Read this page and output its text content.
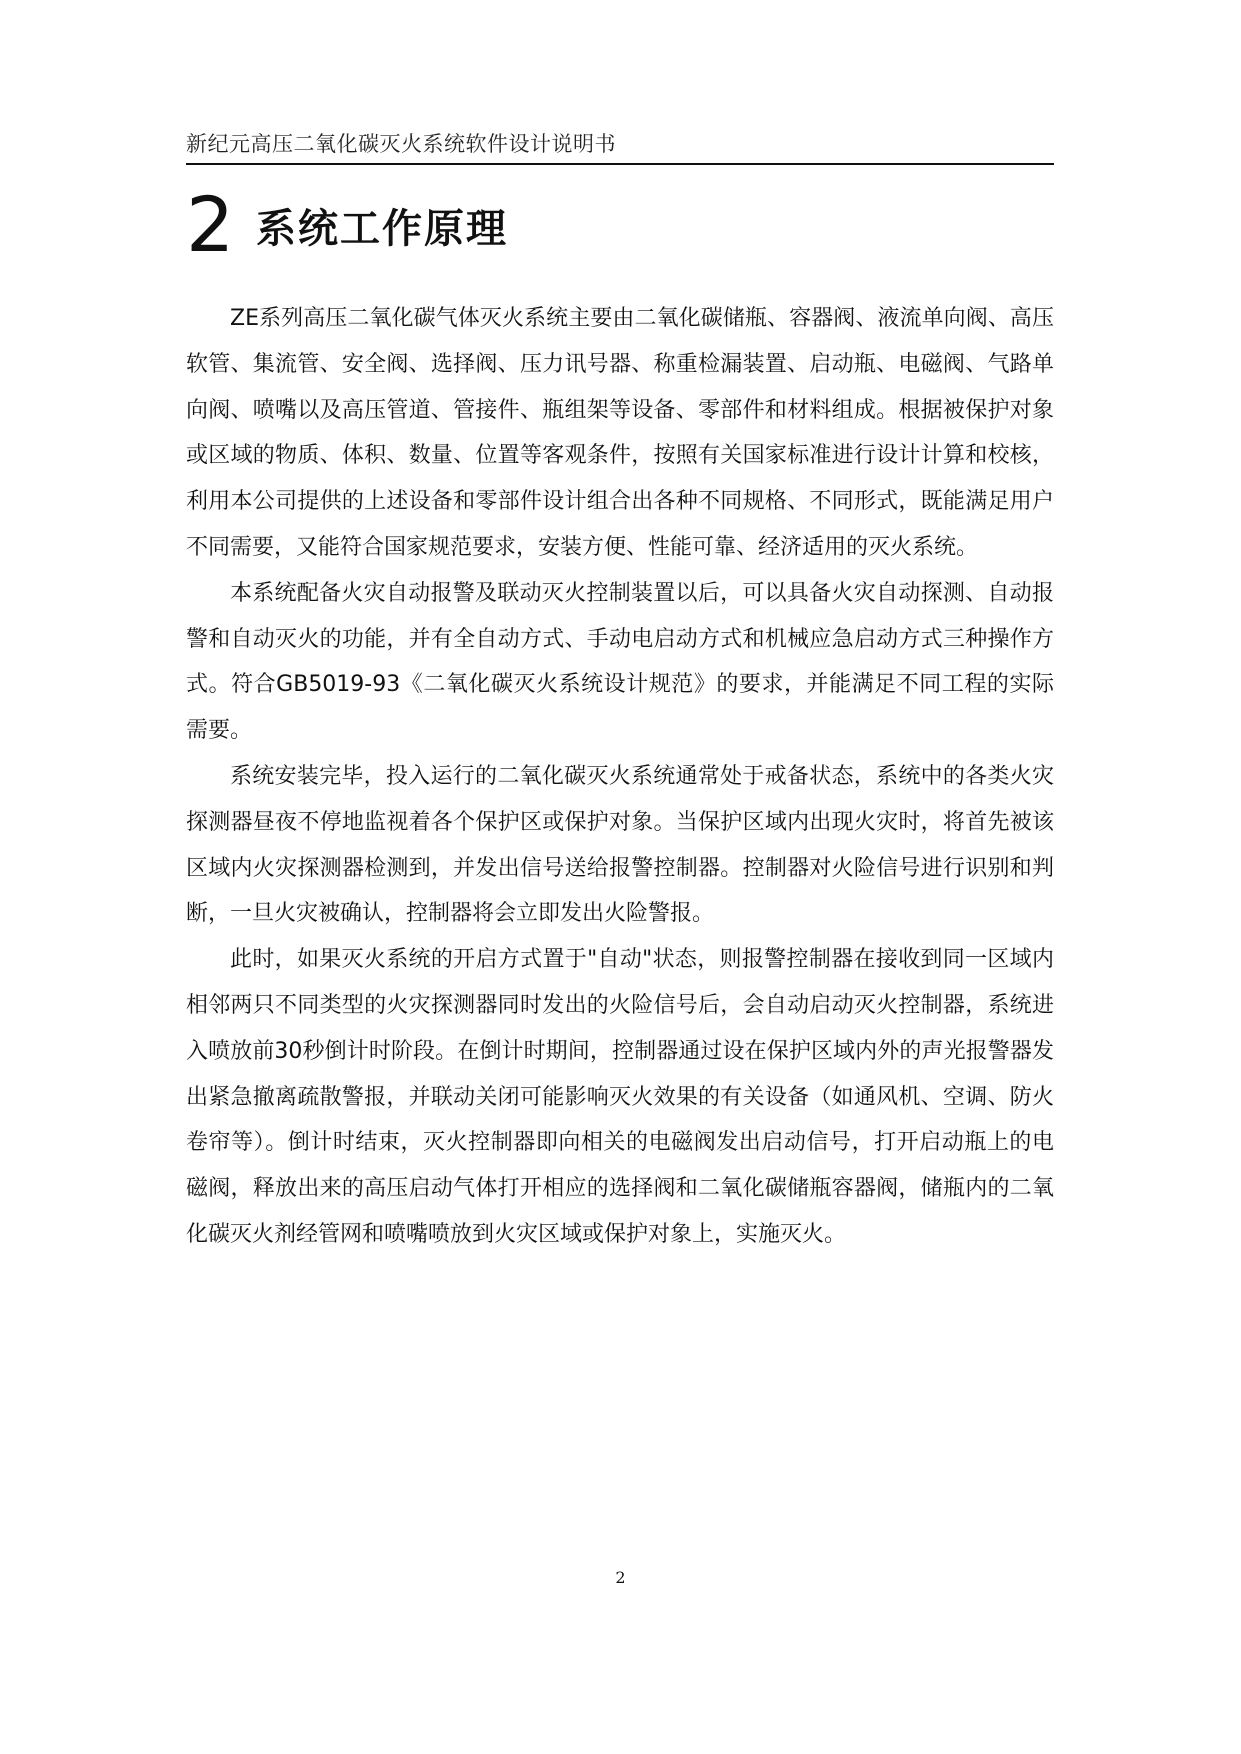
新纪元高压二氧化碳灭火系统软件设计说明书
2 系统工作原理

ZE系列高压二氧化碳气体灭火系统主要由二氧化碳储瓶、容器阀、液流单向阀、高压软管、集流管、安全阀、选择阀、压力讯号器、称重检漏装置、启动瓶、电磁阀、气路单向阀、喷嘴以及高压管道、管接件、瓶组架等设备、零部件和材料组成。根据被保护对象或区域的物质、体积、数量、位置等客观条件，按照有关国家标准进行设计计算和校核，利用本公司提供的上述设备和零部件设计组合出各种不同规格、不同形式，既能满足用户不同需要，又能符合国家规范要求，安装方便、性能可靠、经济适用的灭火系统。

本系统配备火灾自动报警及联动灭火控制装置以后，可以具备火灾自动探测、自动报警和自动灭火的功能，并有全自动方式、手动电启动方式和机械应急启动方式三种操作方式。符合GB5019-93《二氧化碳灭火系统设计规范》的要求，并能满足不同工程的实际需要。

系统安装完毕，投入运行的二氧化碳灭火系统通常处于戒备状态，系统中的各类火灾探测器昼夜不停地监视着各个保护区或保护对象。当保护区域内出现火灾时，将首先被该区域内火灾探测器检测到，并发出信号送给报警控制器。控制器对火险信号进行识别和判断，一旦火灾被确认，控制器将会立即发出火险警报。

此时，如果灭火系统的开启方式置于"自动"状态，则报警控制器在接收到同一区域内相邻两只不同类型的火灾探测器同时发出的火险信号后，会自动启动灭火控制器，系统进入喷放前30秒倒计时阶段。在倒计时期间，控制器通过设在保护区域内外的声光报警器发出紧急撤离疏散警报，并联动关闭可能影响灭火效果的有关设备（如通风机、空调、防火卷帘等）。倒计时结束，灭火控制器即向相关的电磁阀发出启动信号，打开启动瓶上的电磁阀，释放出来的高压启动气体打开相应的选择阀和二氧化碳储瓶容器阀，储瓶内的二氧化碳灭火剂经管网和喷嘴喷放到火灾区域或保护对象上，实施灭火。

2
